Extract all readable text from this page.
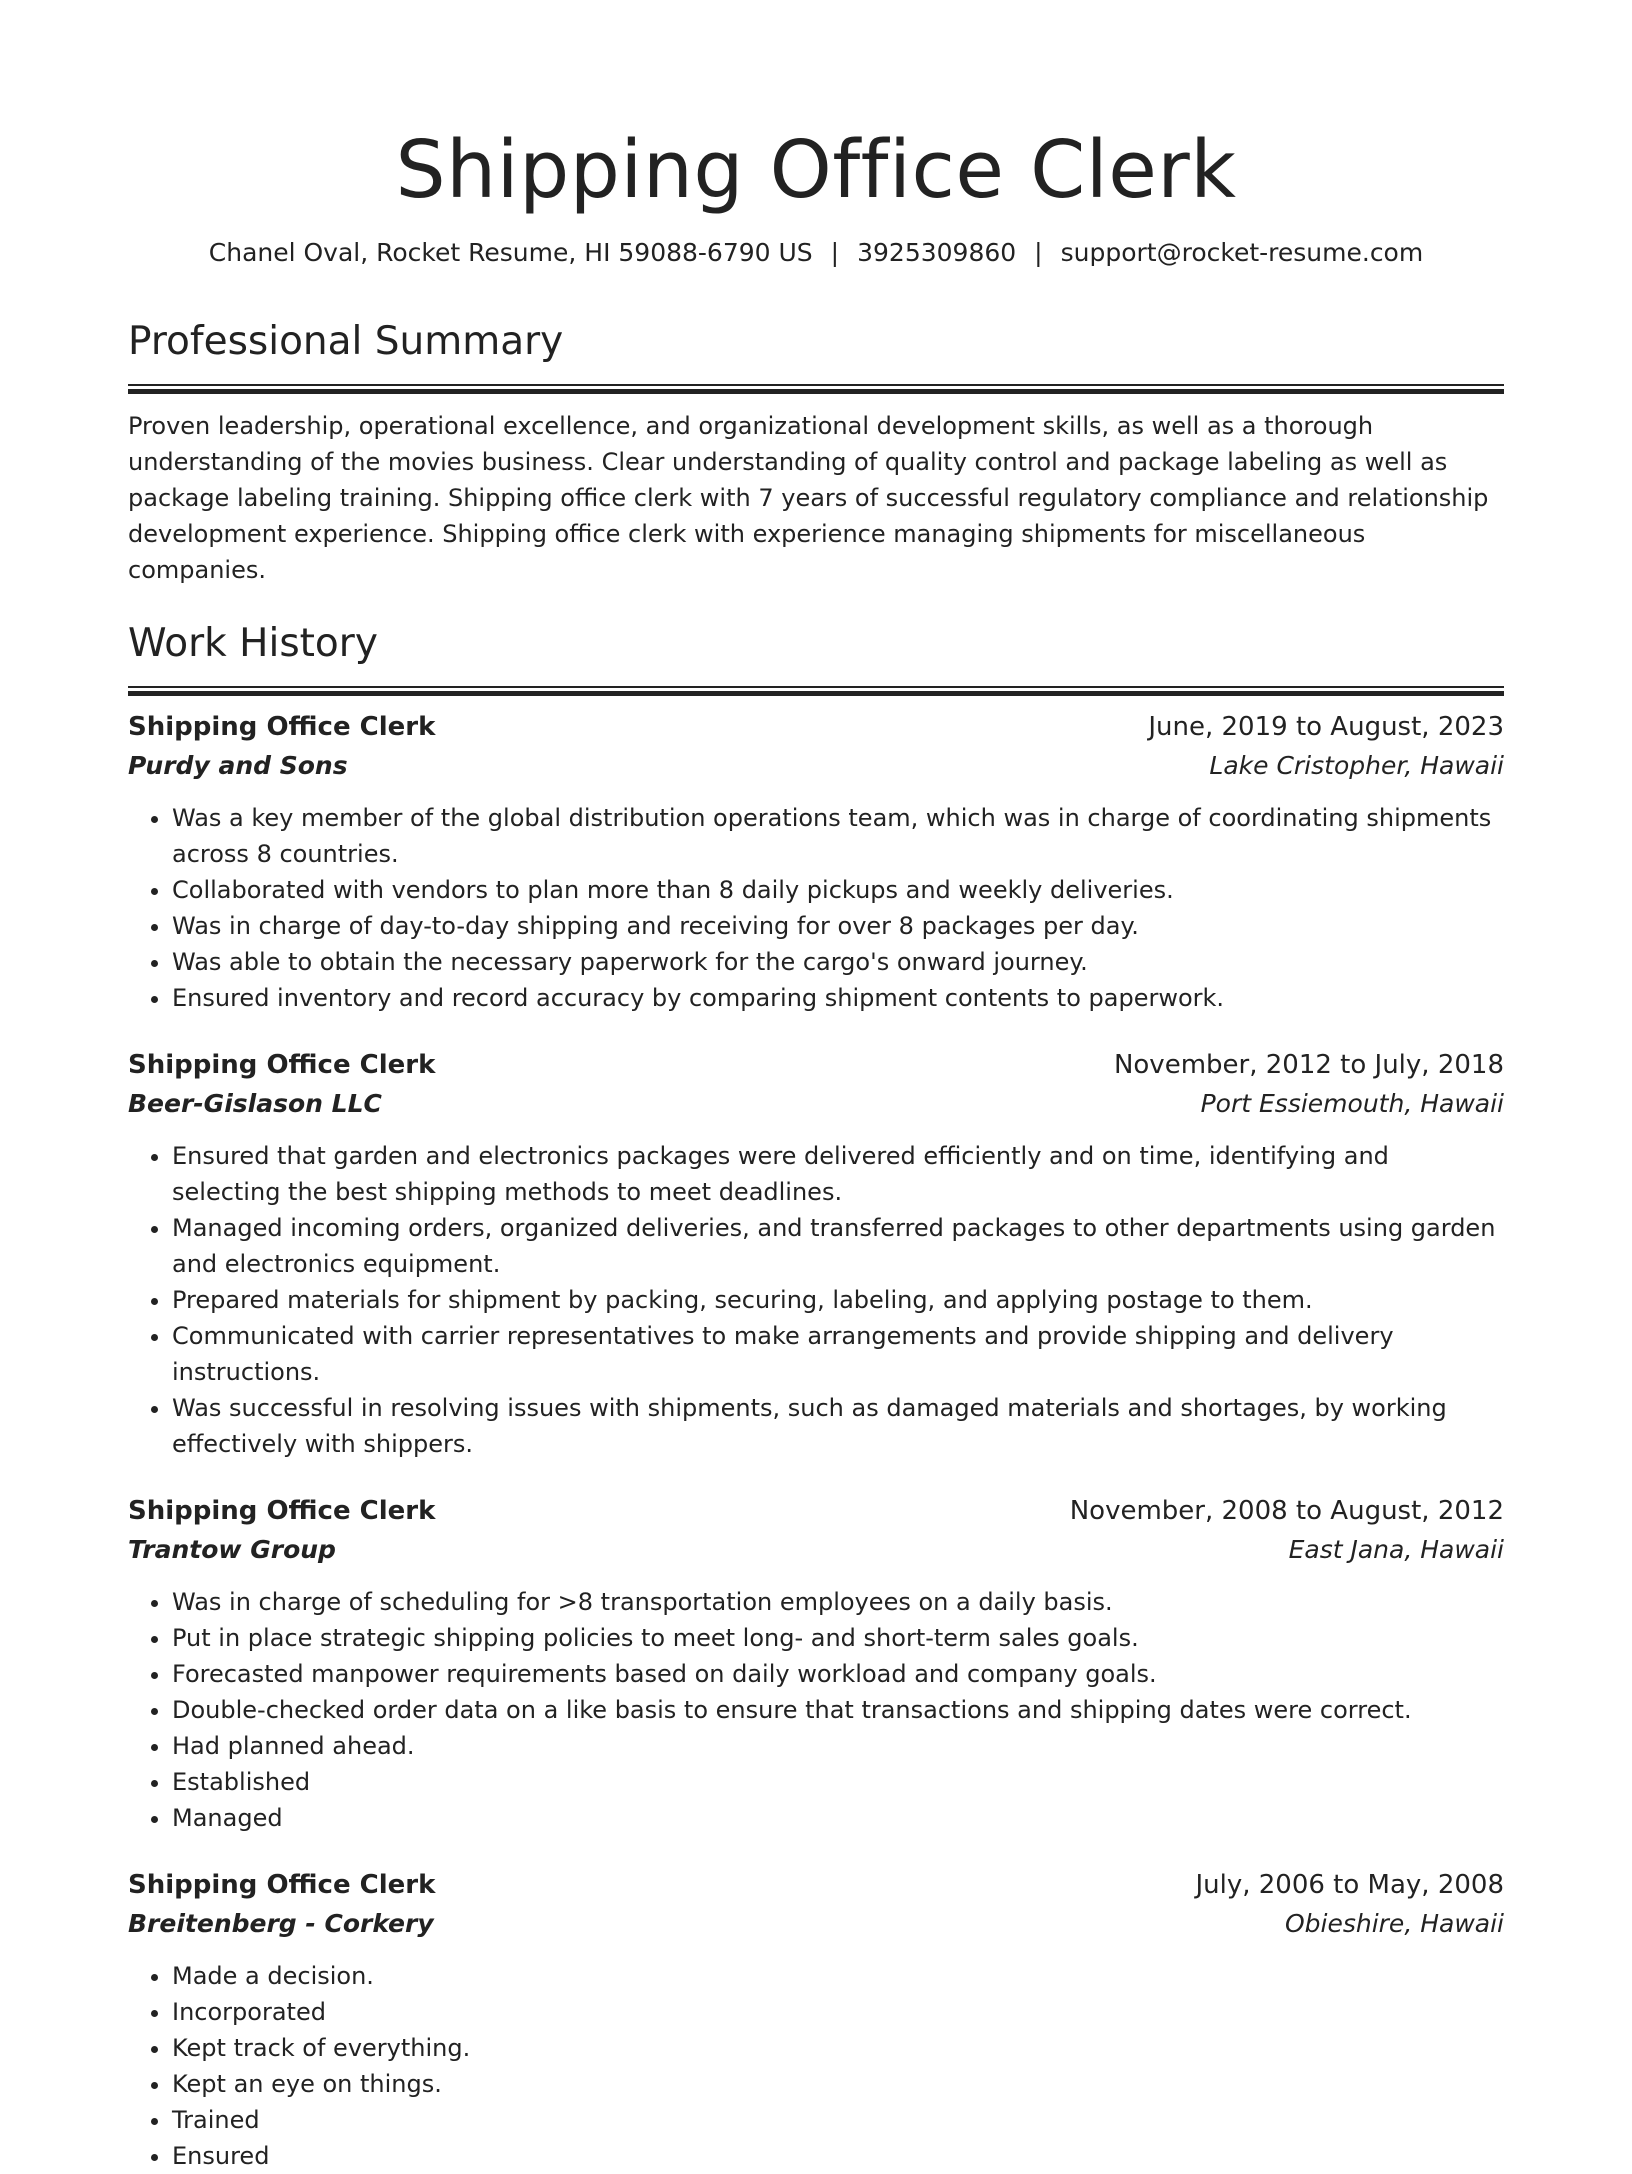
Shipping Office Clerk
Chanel Oval, Rocket Resume, HI 59088-6790 US | 3925309860 | support@rocket-resume.com
Professional Summary

Proven leadership, operational excellence, and organizational development skills, as well as a thorough understanding of the movies business. Clear understanding of quality control and package labeling as well as package labeling training. Shipping office clerk with 7 years of successful regulatory compliance and relationship development experience. Shipping office clerk with experience managing shipments for miscellaneous companies.

Work History
Shipping Office Clerk	June, 2019 to August, 2023
Purdy and Sons	Lake Cristopher, Hawaii
• Was a key member of the global distribution operations team, which was in charge of coordinating shipments across 8 countries.
• Collaborated with vendors to plan more than 8 daily pickups and weekly deliveries.
• Was in charge of day-to-day shipping and receiving for over 8 packages per day.
• Was able to obtain the necessary paperwork for the cargo's onward journey.
• Ensured inventory and record accuracy by comparing shipment contents to paperwork.
Shipping Office Clerk	November, 2012 to July, 2018
Beer-Gislason LLC	Port Essiemouth, Hawaii
• Ensured that garden and electronics packages were delivered efficiently and on time, identifying and selecting the best shipping methods to meet deadlines.
• Managed incoming orders, organized deliveries, and transferred packages to other departments using garden and electronics equipment.
• Prepared materials for shipment by packing, securing, labeling, and applying postage to them.
• Communicated with carrier representatives to make arrangements and provide shipping and delivery instructions.
• Was successful in resolving issues with shipments, such as damaged materials and shortages, by working effectively with shippers.
Shipping Office Clerk	November, 2008 to August, 2012
Trantow Group	East Jana, Hawaii
• Was in charge of scheduling for >8 transportation employees on a daily basis.
• Put in place strategic shipping policies to meet long- and short-term sales goals.
• Forecasted manpower requirements based on daily workload and company goals.
• Double-checked order data on a like basis to ensure that transactions and shipping dates were correct.
• Had planned ahead.
• Established
• Managed
Shipping Office Clerk	July, 2006 to May, 2008
Breitenberg - Corkery	Obieshire, Hawaii
• Made a decision.
• Incorporated
• Kept track of everything.
• Kept an eye on things.
• Trained
• Ensured
